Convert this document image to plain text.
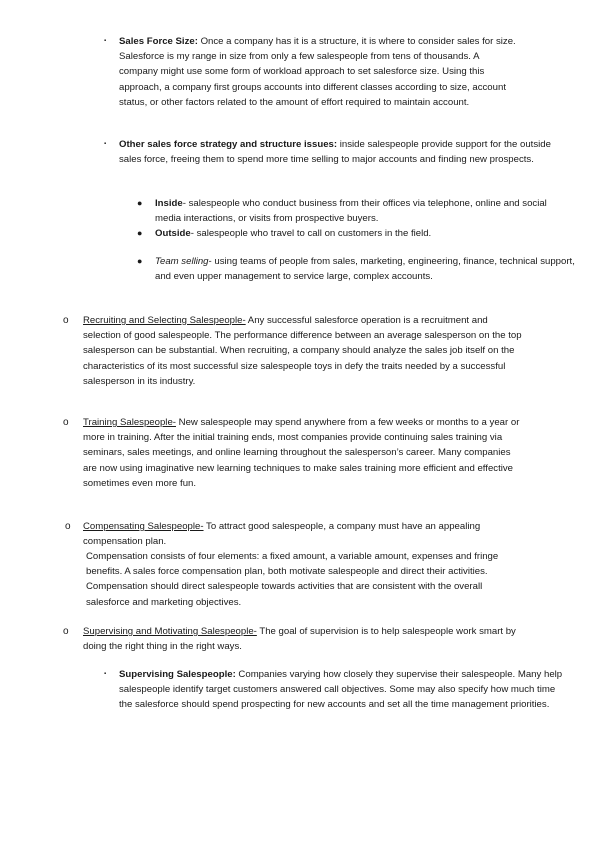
▪ Sales Force Size: Once a company has it is a structure, it is where to consider sales for size. Salesforce is my range in size from only a few salespeople from tens of thousands. A company might use some form of workload approach to set salesforce size. Using this approach, a company first groups accounts into different classes according to size, account status, or other factors related to the amount of effort required to maintain account.

▪ Other sales force strategy and structure issues: inside salespeople provide support for the outside sales force, freeing them to spend more time selling to major accounts and finding new prospects.

● Inside- salespeople who conduct business from their offices via telephone, online and social media interactions, or visits from prospective buyers.

● Outside- salespeople who travel to call on customers in the field.

● Team selling- using teams of people from sales, marketing, engineering, finance, technical support, and even upper management to service large, complex accounts.

o Recruiting and Selecting Salespeople- Any successful salesforce operation is a recruitment and selection of good salespeople. The performance difference between an average salesperson on the top salesperson can be substantial. When recruiting, a company should analyze the sales job itself on the characteristics of its most successful size salespeople toys in defy the traits needed by a successful salesperson in its industry.

o Training Salespeople- New salespeople may spend anywhere from a few weeks or months to a year or more in training. After the initial training ends, most companies provide continuing sales training via seminars, sales meetings, and online learning throughout the salesperson’s career. Many companies are now using imaginative new learning techniques to make sales training more efficient and effective sometimes even more fun.

o Compensating Salespeople- To attract good salespeople, a company must have an appealing compensation plan.

Compensation consists of four elements: a fixed amount, a variable amount, expenses and fringe benefits. A sales force compensation plan, both motivate salespeople and direct their activities. Compensation should direct salespeople towards activities that are consistent with the overall salesforce and marketing objectives.

o Supervising and Motivating Salespeople- The goal of supervision is to help salespeople work smart by doing the right thing in the right ways.

▪ Supervising Salespeople: Companies varying how closely they supervise their salespeople. Many help salespeople identify target customers answered call objectives. Some may also specify how much time the salesforce should spend prospecting for new accounts and set all the time management priorities.
